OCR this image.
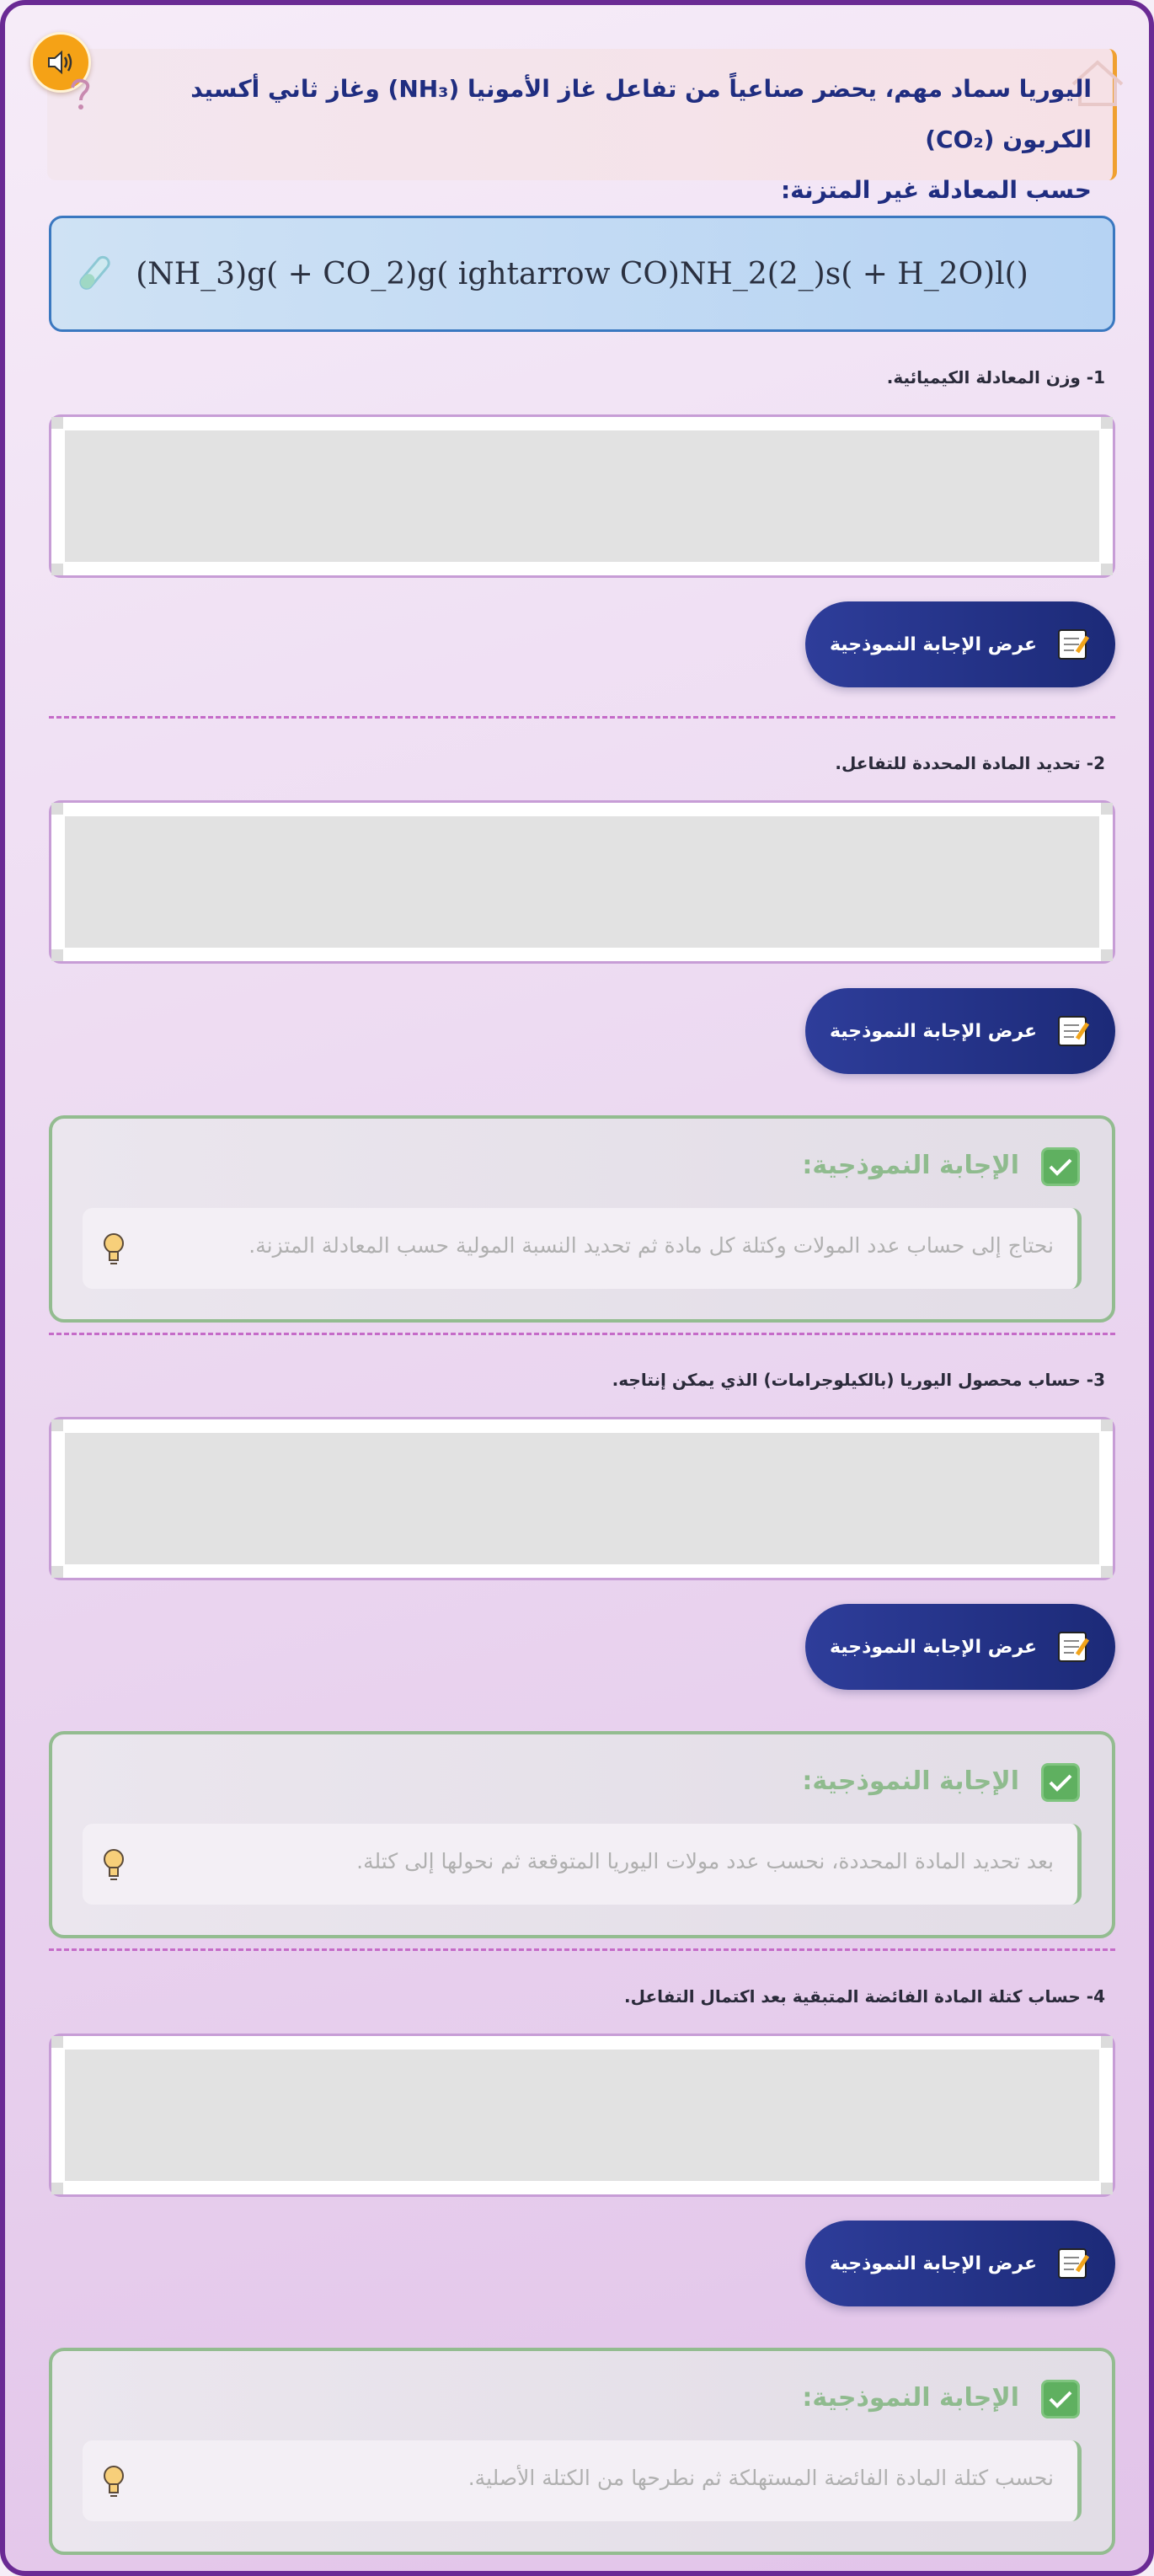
اليوريا سماد مهم، يحضر صناعياً من تفاعل غاز الأمونيا (NH₃) وغاز ثاني أكسيد الكربون (CO₂)
حسب المعادلة غير المتزنة:
(NH_3)g( + CO_2)g( ightarrow CO)NH_2(2_)s( + H_2O)l()
1- وزن المعادلة الكيميائية.
عرض الإجابة النموذجية
2- تحديد المادة المحددة للتفاعل.
عرض الإجابة النموذجية
الإجابة النموذجية:
نحتاج إلى حساب عدد المولات وكتلة كل مادة ثم تحديد النسبة المولية حسب المعادلة المتزنة.
3- حساب محصول اليوريا (بالكيلوجرامات) الذي يمكن إنتاجه.
عرض الإجابة النموذجية
الإجابة النموذجية:
بعد تحديد المادة المحددة، نحسب عدد مولات اليوريا المتوقعة ثم نحولها إلى كتلة.
4- حساب كتلة المادة الفائضة المتبقية بعد اكتمال التفاعل.
عرض الإجابة النموذجية
الإجابة النموذجية:
نحسب كتلة المادة الفائضة المستهلكة ثم نطرحها من الكتلة الأصلية.
